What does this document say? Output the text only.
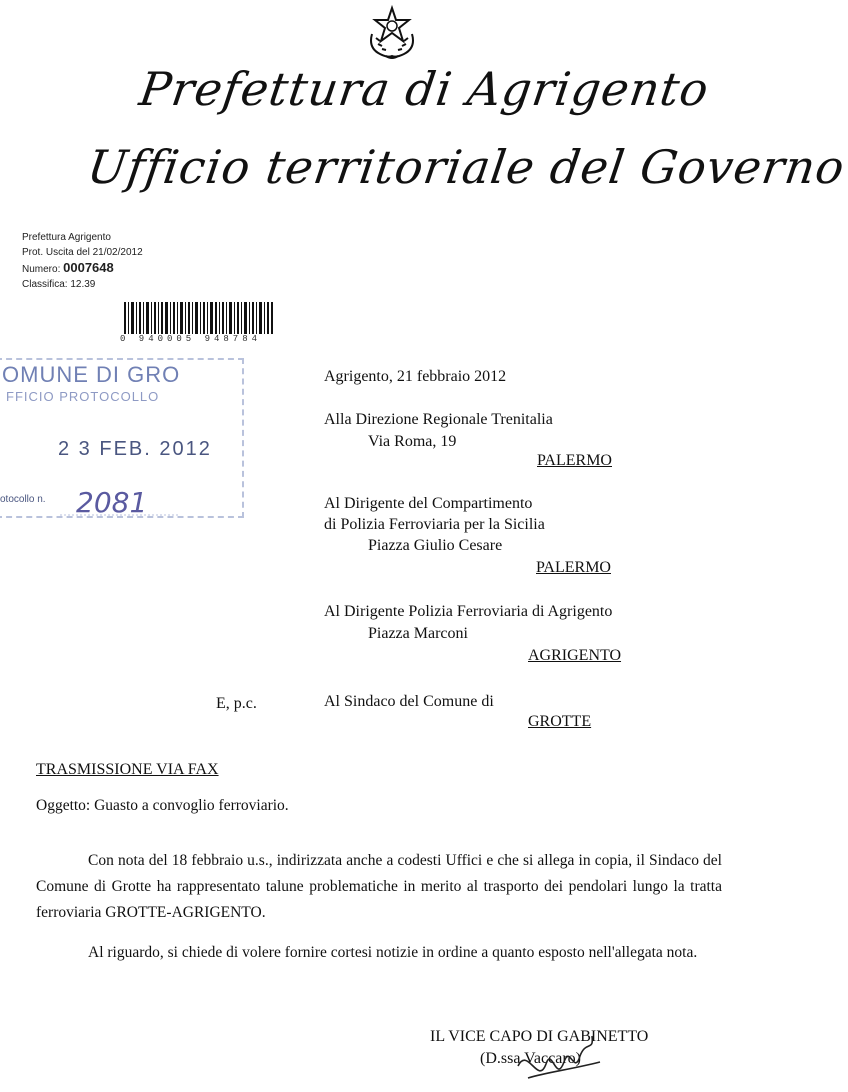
Prefettura di Agrigento
Ufficio territoriale del Governo
Prefettura Agrigento
Prot. Uscita del 21/02/2012
Numero: 0007648
Classifica: 12.39
0 940005 948784
OMUNE DI GRO
FFICIO PROTOCOLLO
2 3 FEB. 2012
otocollo n. 2081
Agrigento, 21 febbraio 2012
Alla Direzione Regionale Trenitalia
Via Roma, 19
PALERMO
Al Dirigente del Compartimento
di Polizia Ferroviaria per la Sicilia
Piazza Giulio Cesare
PALERMO
Al Dirigente Polizia Ferroviaria di Agrigento
Piazza Marconi
AGRIGENTO
E, p.c.	Al Sindaco del Comune di
GROTTE
TRASMISSIONE VIA FAX
Oggetto: Guasto a convoglio ferroviario.
Con nota del 18 febbraio u.s., indirizzata anche a codesti Uffici e che si allega in copia, il Sindaco del Comune di Grotte ha rappresentato talune problematiche in merito al trasporto dei pendolari lungo la tratta ferroviaria GROTTE-AGRIGENTO.
Al riguardo, si chiede di volere fornire cortesi notizie in ordine a quanto esposto nell'allegata nota.
IL VICE CAPO DI GABINETTO
(D.ssa Vaccaro)
